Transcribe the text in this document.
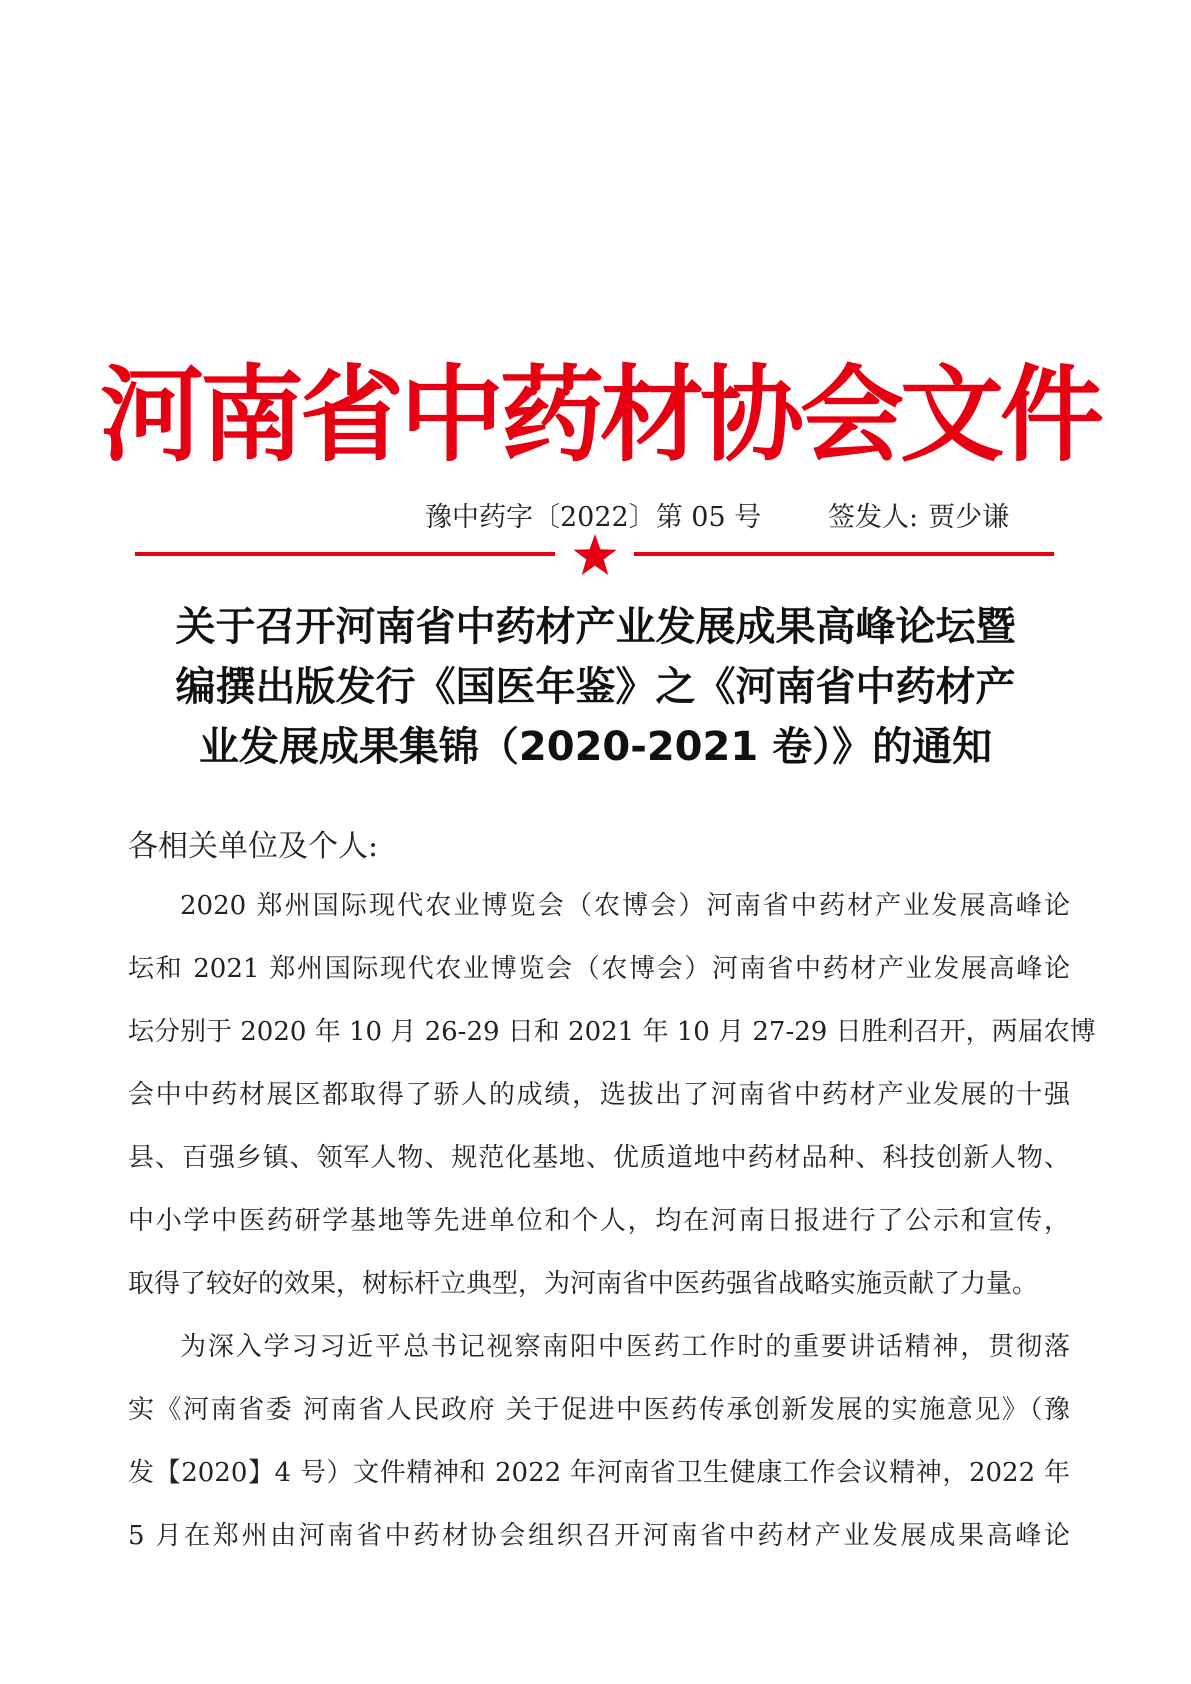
河南省中药材协会文件
豫中药字〔2022〕第 05 号 签发人: 贾少谦
关于召开河南省中药材产业发展成果高峰论坛暨
编撰出版发行《国医年鉴》之《河南省中药材产
业发展成果集锦（2020-2021 卷）》的通知
各相关单位及个人:
2020 郑州国际现代农业博览会（农博会）河南省中药材产业发展高峰论
坛和 2021 郑州国际现代农业博览会（农博会）河南省中药材产业发展高峰论
坛分别于 2020 年 10 月 26-29 日和 2021 年 10 月 27-29 日胜利召开，两届农博
会中中药材展区都取得了骄人的成绩，选拔出了河南省中药材产业发展的十强
县、百强乡镇、领军人物、规范化基地、优质道地中药材品种、科技创新人物、
中小学中医药研学基地等先进单位和个人，均在河南日报进行了公示和宣传，
取得了较好的效果，树标杆立典型，为河南省中医药强省战略实施贡献了力量。
为深入学习习近平总书记视察南阳中医药工作时的重要讲话精神，贯彻落
实《河南省委 河南省人民政府 关于促进中医药传承创新发展的实施意见》（豫
发【2020】4 号）文件精神和 2022 年河南省卫生健康工作会议精神，2022 年
5 月在郑州由河南省中药材协会组织召开河南省中药材产业发展成果高峰论
